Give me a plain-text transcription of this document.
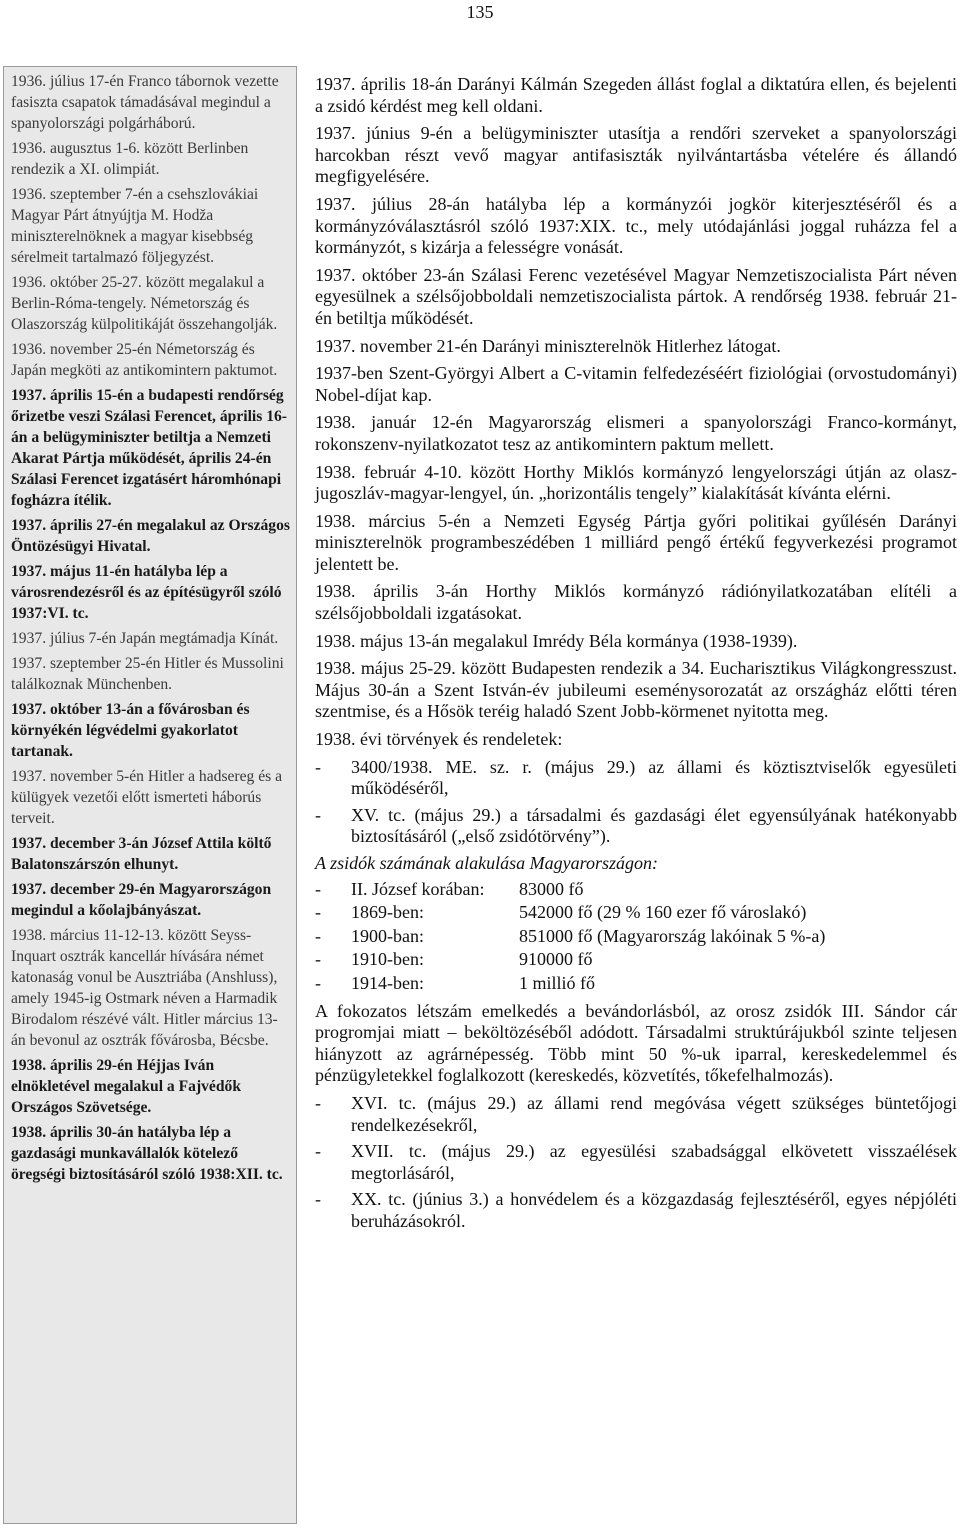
135
1936. július 17-én Franco tábornok vezette fasiszta csapatok támadásával megindul a spanyolországi polgárháború.
1936. augusztus 1-6. között Berlinben rendezik a XI. olimpiát.
1936. szeptember 7-én a csehszlovákiai Magyar Párt átnyújtja M. Hodža miniszterelnöknek a magyar kisebbség sérelmeit tartalmazó följegyzést.
1936. október 25-27. között megalakul a Berlin-Róma-tengely. Németország és Olaszország külpolitikáját összehangolják.
1936. november 25-én Németország és Japán megköti az antikomintern paktumot.
1937. április 15-én a budapesti rendőrség őrizetbe veszi Szálasi Ferencet, április 16-án a belügyminiszter betiltja a Nemzeti Akarat Pártja működését, április 24-én Szálasi Ferencet izgatásért háromhónapi fogházra ítélik.
1937. április 27-én megalakul az Országos Öntözésügyi Hivatal.
1937. május 11-én hatályba lép a városrendezésről és az építésügyről szóló 1937:VI. tc.
1937. július 7-én Japán megtámadja Kínát.
1937. szeptember 25-én Hitler és Mussolini találkoznak Münchenben.
1937. október 13-án a fővárosban és környékén légvédelmi gyakorlatot tartanak.
1937. november 5-én Hitler a hadsereg és a külügyek vezetői előtt ismerteti háborús terveit.
1937. december 3-án József Attila költő Balatonszárszón elhunyt.
1937. december 29-én Magyarországon megindul a kőolajbányászat.
1938. március 11-12-13. között Seyss-Inquart osztrák kancellár hívására német katonaság vonul be Ausztriába (Anshluss), amely 1945-ig Ostmark néven a Harmadik Birodalom részévé vált. Hitler március 13-án bevonul az osztrák fővárosba, Bécsbe.
1938. április 29-én Héjjas Iván elnökletével megalakul a Fajvédők Országos Szövetsége.
1938. április 30-án hatályba lép a gazdasági munkavállalók kötelező öregségi biztosításáról szóló 1938:XII. tc.
1937. április 18-án Darányi Kálmán Szegeden állást foglal a diktatúra ellen, és bejelenti a zsidó kérdést meg kell oldani.
1937. június 9-én a belügyminiszter utasítja a rendőri szerveket a spanyolországi harcokban részt vevő magyar antifasiszták nyilvántartásba vételére és állandó megfigyelésére.
1937. július 28-án hatályba lép a kormányzói jogkör kiterjesztéséről és a kormányzóválasztásról szóló 1937:XIX. tc., mely utódajánlási joggal ruházza fel a kormányzót, s kizárja a felességre vonását.
1937. október 23-án Szálasi Ferenc vezetésével Magyar Nemzetiszocialista Párt néven egyesülnek a szélsőjobboldali nemzetiszocialista pártok. A rendőrség 1938. február 21-én betiltja működését.
1937. november 21-én Darányi miniszterelnök Hitlerhez látogat.
1937-ben Szent-Györgyi Albert a C-vitamin felfedezéséért fiziológiai (orvostudományi) Nobel-díjat kap.
1938. január 12-én Magyarország elismeri a spanyolországi Franco-kormányt, rokonszenv-nyilatkozatot tesz az antikomintern paktum mellett.
1938. február 4-10. között Horthy Miklós kormányzó lengyelországi útján az olasz-jugoszláv-magyar-lengyel, ún. „horizontális tengely” kialakítását kívánta elérni.
1938. március 5-én a Nemzeti Egység Pártja győri politikai gyűlésén Darányi miniszterelnök programbeszédében 1 milliárd pengő értékű fegyverkezési programot jelentett be.
1938. április 3-án Horthy Miklós kormányzó rádiónyilatkozatában elítéli a szélsőjobboldali izgatásokat.
1938. május 13-án megalakul Imrédy Béla kormánya (1938-1939).
1938. május 25-29. között Budapesten rendezik a 34. Eucharisztikus Világkongresszust. Május 30-án a Szent István-év jubileumi eseménysorozatát az országház előtti téren szentmise, és a Hősök teréig haladó Szent Jobb-körmenet nyitotta meg.
1938. évi törvények és rendeletek:
- 3400/1938. ME. sz. r. (május 29.) az állami és köztisztviselők egyesületi működéséről,
- XV. tc. (május 29.) a társadalmi és gazdasági élet egyensúlyának hatékonyabb biztosításáról („első zsidótörvény”).
A zsidók számának alakulása Magyarországon:
-	II. József korában:	83000 fő
-	1869-ben:	542000 fő (29 % 160 ezer fő városlakó)
-	1900-ban:	851000 fő (Magyarország lakóinak 5 %-a)
-	1910-ben:	910000 fő
-	1914-ben:	1 millió fő
A fokozatos létszám emelkedés a bevándorlásból, az orosz zsidók III. Sándor cár progromjai miatt – beköltözéséből adódott. Társadalmi struktúrájukból szinte teljesen hiányzott az agrárnépesség. Több mint 50 %-uk iparral, kereskedelemmel és pénzügyletekkel foglalkozott (kereskedés, közvetítés, tőkefelhalmozás).
- XVI. tc. (május 29.) az állami rend megóvása végett szükséges büntetőjogi rendelkezésekről,
- XVII. tc. (május 29.) az egyesülési szabadsággal elkövetett visszaélések megtorlásáról,
- XX. tc. (június 3.) a honvédelem és a közgazdaság fejlesztéséről, egyes népjóléti beruházásokról.
